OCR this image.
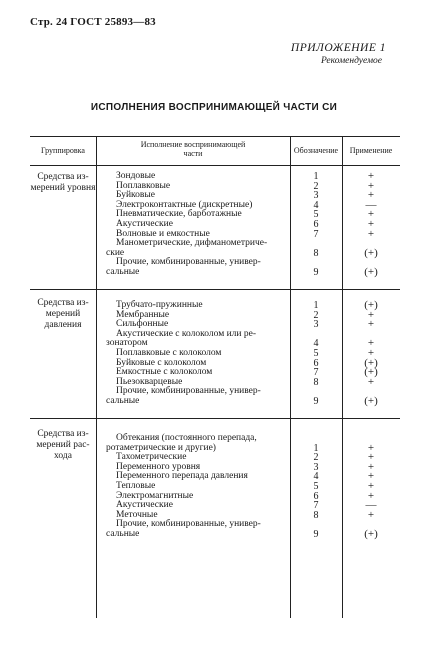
Стр. 24 ГОСТ 25893—83
ПРИЛОЖЕНИЕ 1
Рекомендуемое
ИСПОЛНЕНИЯ ВОСПРИНИМАЮЩЕЙ ЧАСТИ СИ
Группировка
Исполнение воспринимающей
части	Обозначение	Применение
Средства из-
мерений уровня
Зондовые	1	+
Поплавковые	2	+
Буйковые	3	+
Электроконтактные (дискретные)	4	—
Пневматические, барботажные	5	+
Акустические	6	+
Волновые и емкостные	7	+
Манометрические, дифманометриче-
ские	8	(+)
Прочие, комбинированные, универ-
сальные	9	(+)
Средства из-
мерений давления
Трубчато-пружинные	1	(+)
Мембранные	2	+
Сильфонные	3	+
Акустические с колоколом или ре-
зонатором	4	+
Поплавковые с колоколом	5	+
Буйковые с колоколом	6	(+)
Емкостные с колоколом	7	(+)
Пьезокварцевые	8	+
Прочие, комбинированные, универ-
сальные	9	(+)
Средства из-
мерений рас-
хода
Обтекания (постоянного перепада,
ротаметрические и другие)	1	+
Тахометрические	2	+
Переменного уровня	3	+
Переменного перепада давления	4	+
Тепловые	5	+
Электромагнитные	6	+
Акустические	7	—
Меточные	8	+
Прочие, комбинированные, универ-
сальные	9	(+)
